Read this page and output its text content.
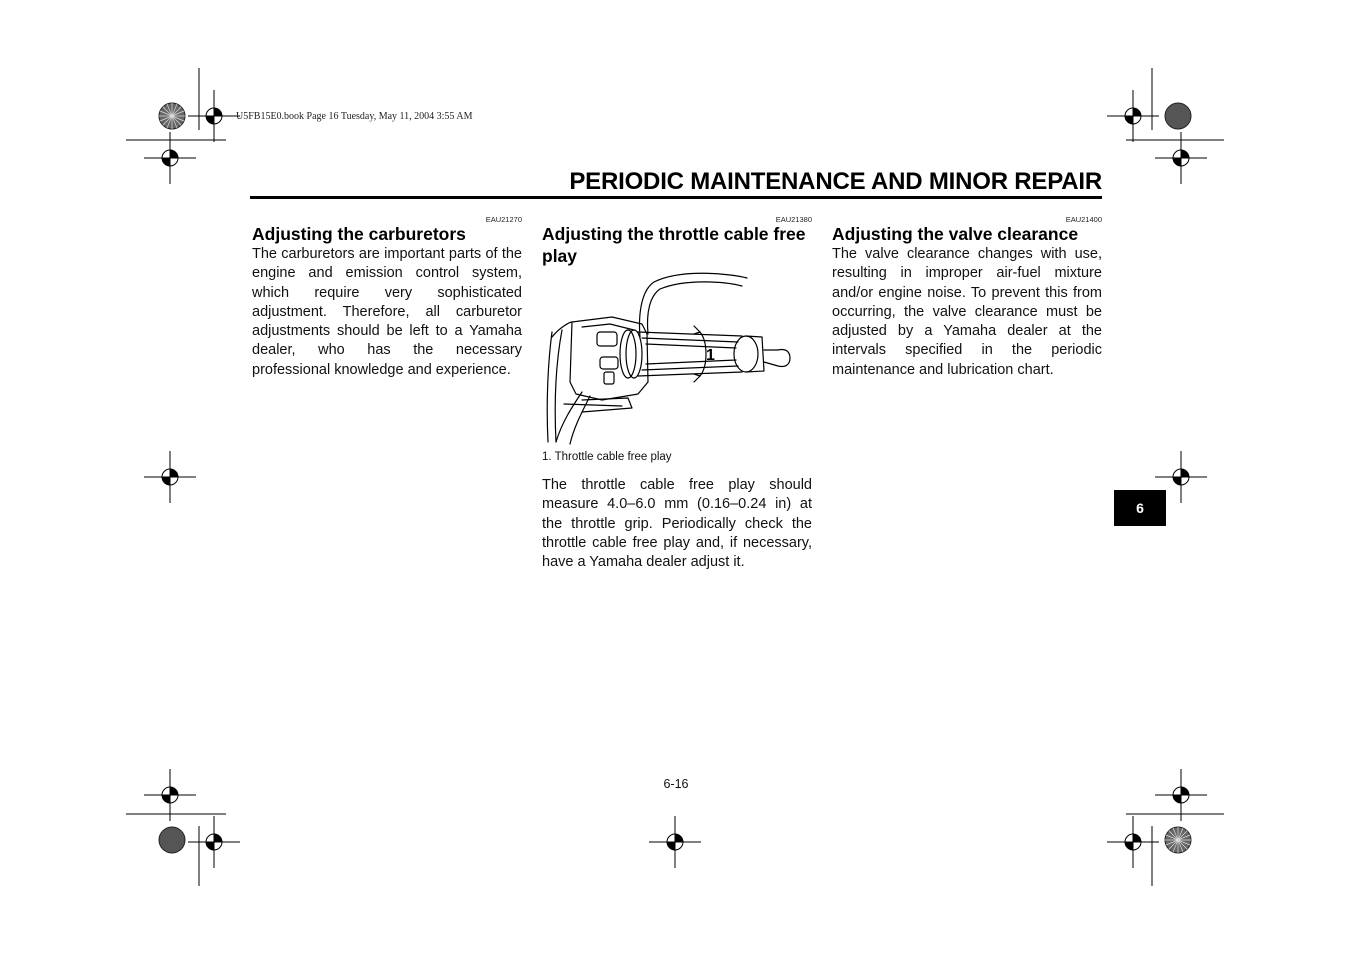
U5FB15E0.book Page 16 Tuesday, May 11, 2004 3:55 AM
PERIODIC MAINTENANCE AND MINOR REPAIR
EAU21270
Adjusting the carburetors
The carburetors are important parts of the engine and emission control system, which require very sophisticated adjustment. Therefore, all carburetor adjustments should be left to a Yamaha dealer, who has the necessary professional knowledge and experience.
EAU21380
Adjusting the throttle cable free play
1
1. Throttle cable free play
The throttle cable free play should measure 4.0–6.0 mm (0.16–0.24 in) at the throttle grip. Periodically check the throttle cable free play and, if necessary, have a Yamaha dealer adjust it.
EAU21400
Adjusting the valve clearance
The valve clearance changes with use, resulting in improper air-fuel mixture and/or engine noise. To prevent this from occurring, the valve clearance must be adjusted by a Yamaha dealer at the intervals specified in the periodic maintenance and lubrication chart.
6
6-16
